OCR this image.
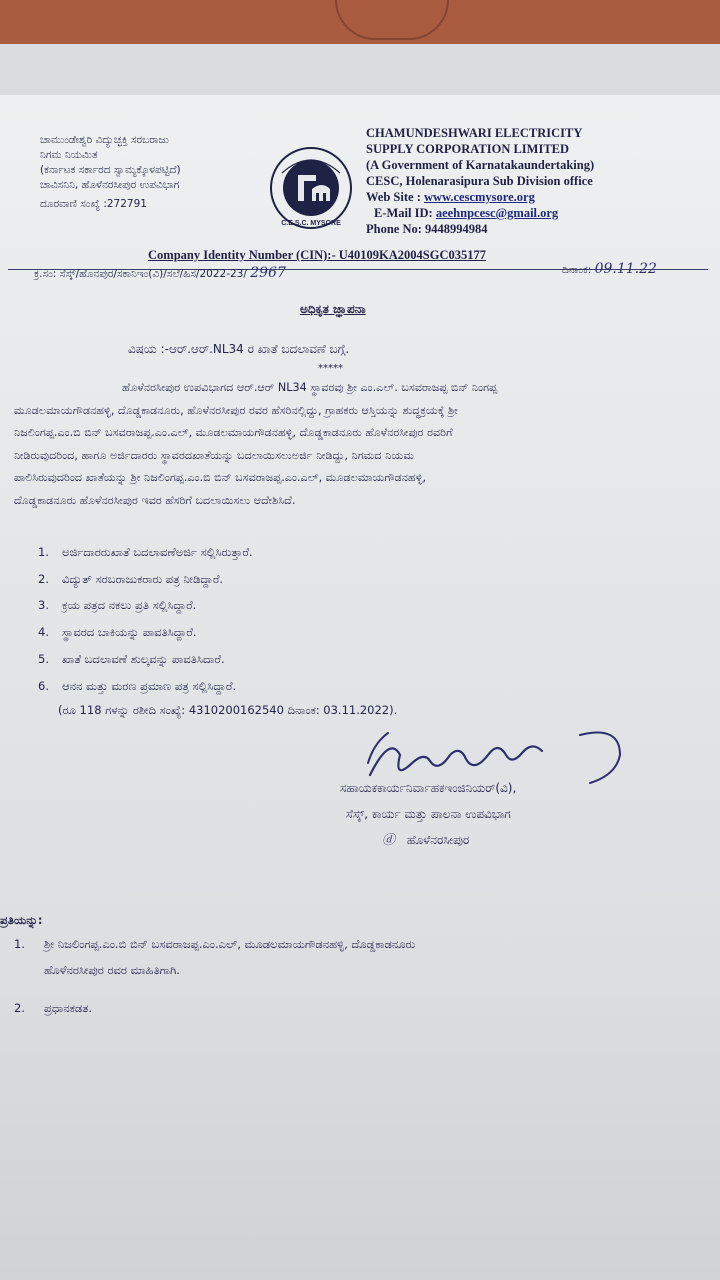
ಚಾಮುಂಡೇಶ್ವರಿ ವಿದ್ಯುಚ್ಛಕ್ತಿ ಸರಬರಾಜು
ನಿಗಮ ನಿಯಮಿತ
(ಕರ್ನಾಟಕ ಸರ್ಕಾರದ ಸ್ವಾಮ್ಯಕ್ಕೊಳಪಟ್ಟಿದೆ)
ಚಾವಿಸನಿನಿ, ಹೊಳೆನರಸೀಪುರ ಉಪವಿಭಾಗ
ದೂರವಾಣಿ ಸಂಖ್ಯೆ :272791
C.E.S.C. MYSORE
CHAMUNDESHWARI ELECTRICITY
SUPPLY CORPORATION LIMITED
(A Government of Karnatakaundertaking)
CESC, Holenarasipura Sub Division office
Web Site : www.cescmysore.org
E-Mail ID: aeehnpcesc@gmail.org
Phone No: 9448994984
Company Identity Number (CIN):- U40109KA2004SGC035177
ಕ್ರ.ಸಂ: ಸೆಸ್ಕ್/ಹೊನಪುರ/ಸಕಾನಿಇಂ(ವಿ)/ಸಲೆ/ಹಿಸ/2022-23/ 2967	ದಿನಾಂಕ: 09.11.22
ಅಧಿಕೃತ ಜ್ಞಾಪನಾ
ವಿಷಯ :-ಆರ್.ಆರ್.NL34 ರ ಖಾತೆ ಬದಲಾವಣೆ ಬಗ್ಗೆ.
*****
ಹೊಳೆನರಸೀಪುರ ಉಪವಿಭಾಗದ ಆರ್.ಆರ್ NL34 ಸ್ಥಾವರವು ಶ್ರೀ ಎಂ.ಎಲ್. ಬಸವರಾಜಪ್ಪ ಬಿನ್ ನಿಂಗಪ್ಪ
ಮೂಡಲಮಾಯಗೌಡನಹಳ್ಳಿ, ದೊಡ್ಡಕಾಡನೂರು, ಹೊಳೆನರಸೀಪುರ ರವರ ಹೆಸರಿನಲ್ಲಿದ್ದು, ಗ್ರಾಹಕರು ಆಸ್ತಿಯನ್ನು ಶುದ್ಧಕ್ರಯಕ್ಕೆ ಶ್ರೀ
ನಿಜಲಿಂಗಪ್ಪ.ಎಂ.ಬಿ ಬಿನ್ ಬಸವರಾಜಪ್ಪ.ಎಂ.ಎಲ್, ಮೂಡಲಮಾಯಗೌಡನಹಳ್ಳಿ, ದೊಡ್ಡಕಾಡನೂರು ಹೊಳೆನರಸೀಪುರ ರವರಿಗೆ
ನೀಡಿರುವುದರಿಂದ, ಹಾಗೂ ಅರ್ಜಿದಾರರು ಸ್ಥಾವರದಖಾತೆಯನ್ನು ಬದಲಾಯಿಸಲುಅರ್ಜಿ ನೀಡಿದ್ದು, ನಿಗಮದ ನಿಯಮ
ಪಾಲಿಸಿರುವುದರಿಂದ ಖಾತೆಯನ್ನು ಶ್ರೀ ನಿಜಲಿಂಗಪ್ಪ.ಎಂ.ಬಿ ಬಿನ್ ಬಸವರಾಜಪ್ಪ.ಎಂ.ಎಲ್, ಮೂಡಲಮಾಯಗೌಡನಹಳ್ಳಿ,
ದೊಡ್ಡಕಾಡನೂರು ಹೊಳೆನರಸೀಪುರ ಇವರ ಹೆಸರಿಗೆ ಬದಲಾಯಿಸಲು ಆದೇಶಿಸಿದೆ.
1. ಅರ್ಜಿದಾರರುಖಾತೆ ಬದಲಾವಣೆಅರ್ಜಿ ಸಲ್ಲಿಸಿರುತ್ತಾರೆ.
2. ವಿದ್ಯುತ್ ಸರಬರಾಜುಕರಾರು ಪತ್ರ ನೀಡಿದ್ದಾರೆ.
3. ಕ್ರಯ ಪತ್ರದ ನಕಲು ಪ್ರತಿ ಸಲ್ಲಿಸಿದ್ದಾರೆ.
4. ಸ್ಥಾವರದ ಬಾಕಿಯನ್ನು ಪಾವತಿಸಿದ್ದಾರೆ.
5. ಖಾತೆ ಬದಲಾವಣೆ ಶುಲ್ಕವನ್ನು ಪಾವತಿಸಿದಾರೆ.
6. ಆನನ ಮತ್ತು ಮರಣ ಪ್ರಮಾಣ ಪತ್ರ ಸಲ್ಲಿಸಿದ್ದಾರೆ.
(ರೂ 118 ಗಳನ್ನು ರಶೀದಿ ಸಂಖ್ಯೆ: 4310200162540 ದಿನಾಂಕ: 03.11.2022).
ಸಹಾಯಕಕಾರ್ಯನಿರ್ವಾಹಕಇಂಜಿನಿಯರ್(ವಿ),
ಸೆಸ್ಕ್, ಕಾರ್ಯ ಮತ್ತು ಪಾಲನಾ ಉಪವಿಭಾಗ
ⓓ ಹೊಳೆನರಸೀಪುರ
ಪ್ರತಿಯನ್ನು:
1. ಶ್ರೀ ನಿಜಲಿಂಗಪ್ಪ.ಎಂ.ಬಿ ಬಿನ್ ಬಸವರಾಜಪ್ಪ.ಎಂ.ಎಲ್, ಮೂಡಲಮಾಯಗೌಡನಹಳ್ಳಿ, ದೊಡ್ಡಕಾಡನೂರು
ಹೊಳೆನರಸೀಪುರ ರವರ ಮಾಹಿತಿಗಾಗಿ.
2. ಪ್ರಧಾನಕಡತ.
